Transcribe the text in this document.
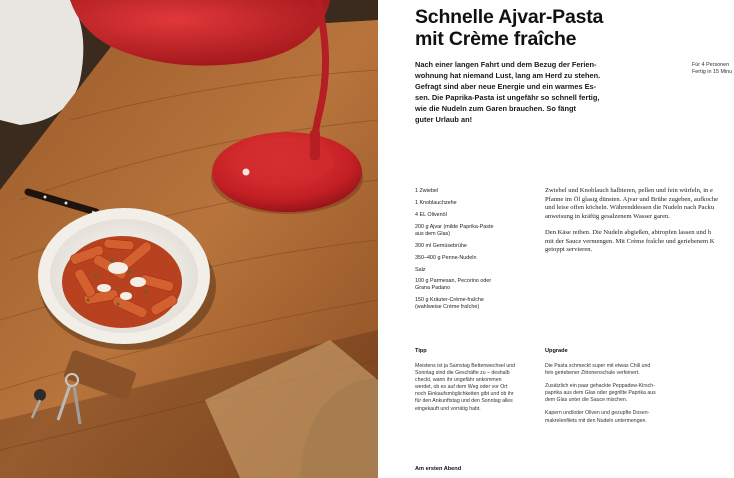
Schnelle Ajvar-Pasta
mit Crème fraîche
Nach einer langen Fahrt und dem Bezug der Ferien-
wohnung hat niemand Lust, lang am Herd zu stehen.
Gefragt sind aber neue Energie und ein warmes Es-
sen. Die Paprika-Pasta ist ungefähr so schnell fertig,
wie die Nudeln zum Garen brauchen. So fängt
guter Urlaub an!
Für 4 Personen
Fertig in 15 Minu
1 Zwiebel
1 Knoblauchzehe
4 EL Olivenöl
200 g Ajvar (milde Paprika-Paste
aus dem Glas)
300 ml Gemüsebrühe
350–400 g Penne-Nudeln
Salz
100 g Parmesan, Pecorino oder
Grana Padano
150 g Kräuter-Crème-fraîche
(wahlweise Crème fraîche)

Zwiebel und Knoblauch halbieren, pellen und fein würfeln, in e
Pfanne im Öl glasig dünsten. Ajvar und Brühe zugeben, aufkoche
und leise offen köcheln. Währenddessen die Nudeln nach Packu
anweisung in kräftig gesalzenem Wasser garen.

Den Käse reiben. Die Nudeln abgießen, abtropfen lassen und h
mit der Sauce vermengen. Mit Crème fraîche und geriebenem K
getoppt servieren.

Tipp
Meistens ist ja Samstag Bettenwechsel und
Sonntag sind die Geschäfte zu – deshalb
checkt, wann ihr ungefähr ankommen
werdet, ob es auf dem Weg oder vor Ort
noch Einkaufsmöglichkeiten gibt und ob ihr
für den Ankunftstag und den Sonntag alles
eingekauft und vorrätig habt.
Upgrade

Die Pasta schmeckt super mit etwas Chili und
fein geriebener Zitronenschale verfeinert.

Zusätzlich ein paar gehackte Peppadew-Kirsch-
paprika aus dem Glas oder gegrillte Paprika aus
dem Glas unter die Sauce mischen.

Kapern und/oder Oliven und gezupfte Dosen-
makrelenfilets mit den Nudeln untermengen.

Am ersten Abend
